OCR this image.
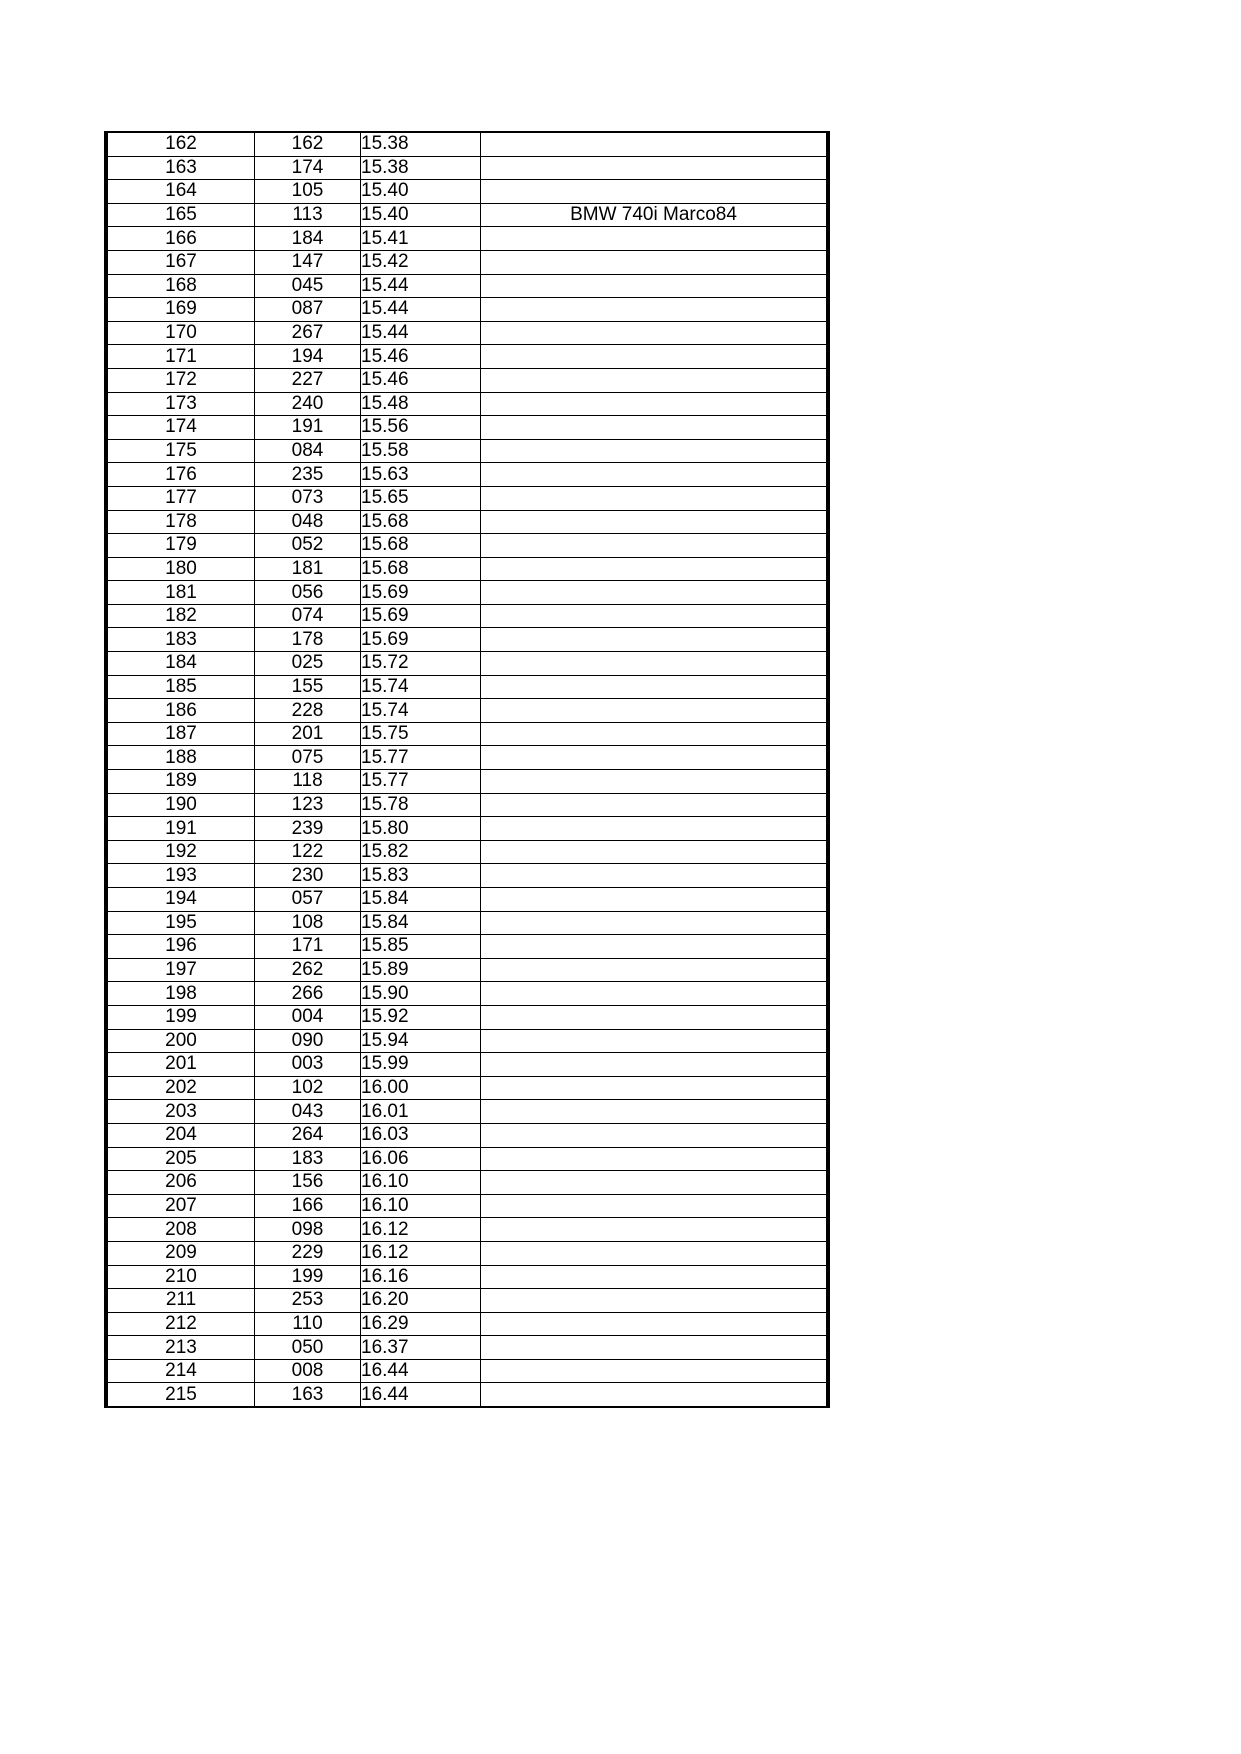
162	162	15.38	
163	174	15.38	
164	105	15.40	
165	113	15.40	BMW 740i Marco84
166	184	15.41	
167	147	15.42	
168	045	15.44	
169	087	15.44	
170	267	15.44	
171	194	15.46	
172	227	15.46	
173	240	15.48	
174	191	15.56	
175	084	15.58	
176	235	15.63	
177	073	15.65	
178	048	15.68	
179	052	15.68	
180	181	15.68	
181	056	15.69	
182	074	15.69	
183	178	15.69	
184	025	15.72	
185	155	15.74	
186	228	15.74	
187	201	15.75	
188	075	15.77	
189	118	15.77	
190	123	15.78	
191	239	15.80	
192	122	15.82	
193	230	15.83	
194	057	15.84	
195	108	15.84	
196	171	15.85	
197	262	15.89	
198	266	15.90	
199	004	15.92	
200	090	15.94	
201	003	15.99	
202	102	16.00	
203	043	16.01	
204	264	16.03	
205	183	16.06	
206	156	16.10	
207	166	16.10	
208	098	16.12	
209	229	16.12	
210	199	16.16	
211	253	16.20	
212	110	16.29	
213	050	16.37	
214	008	16.44	
215	163	16.44	
